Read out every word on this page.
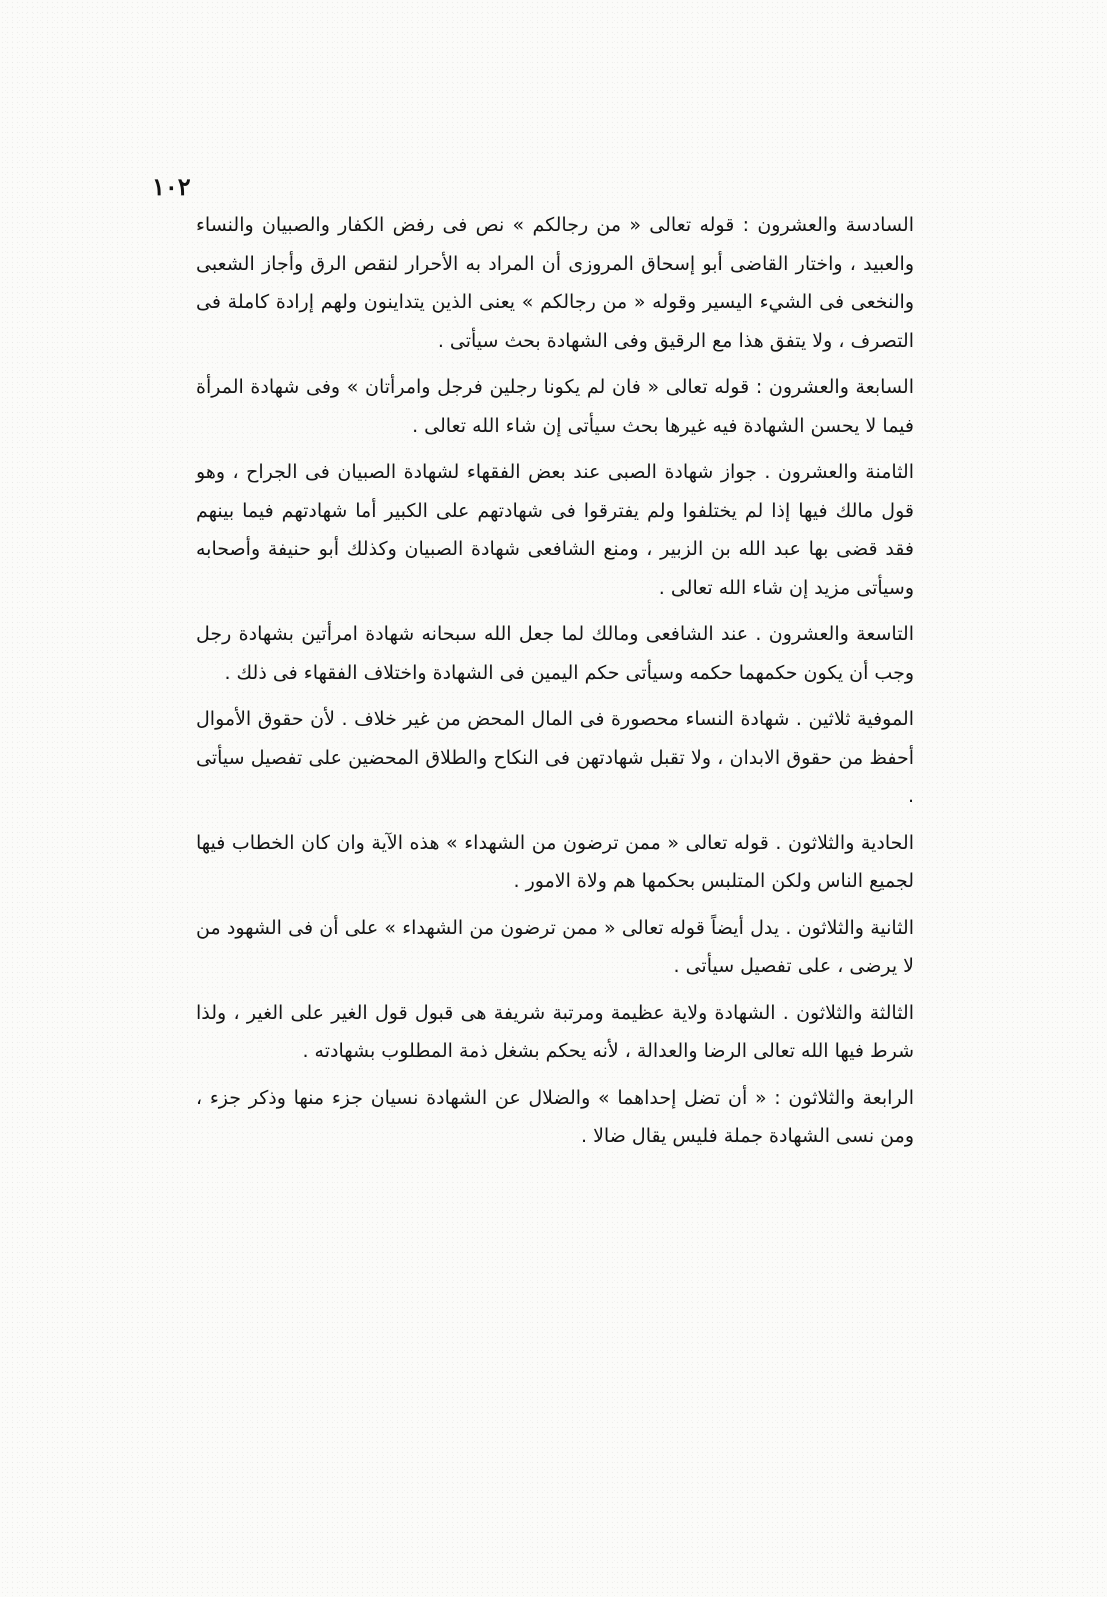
١٠٢

السادسة والعشرون : قوله تعالى « من رجالكم » نص فى رفض الكفار والصبيان والنساء والعبيد ، واختار القاضى أبو إسحاق المروزى أن المراد به الأحرار لنقص الرق وأجاز الشعبى والنخعى فى الشيء اليسير وقوله « من رجالكم » يعنى الذين يتداينون ولهم إرادة كاملة فى التصرف ، ولا يتفق هذا مع الرقيق وفى الشهادة بحث سيأتى .

السابعة والعشرون : قوله تعالى « فان لم يكونا رجلين فرجل وامرأتان » وفى شهادة المرأة فيما لا يحسن الشهادة فيه غيرها بحث سيأتى إن شاء الله تعالى .

الثامنة والعشرون . جواز شهادة الصبى عند بعض الفقهاء لشهادة الصبيان فى الجراح ، وهو قول مالك فيها إذا لم يختلفوا ولم يفترقوا فى شهادتهم على الكبير أما شهادتهم فيما بينهم فقد قضى بها عبد الله بن الزبير ، ومنع الشافعى شهادة الصبيان وكذلك أبو حنيفة وأصحابه وسيأتى مزيد إن شاء الله تعالى .

التاسعة والعشرون . عند الشافعى ومالك لما جعل الله سبحانه شهادة امرأتين بشهادة رجل وجب أن يكون حكمهما حكمه وسيأتى حكم اليمين فى الشهادة واختلاف الفقهاء فى ذلك .

الموفية ثلاثين . شهادة النساء محصورة فى المال المحض من غير خلاف . لأن حقوق الأموال أحفظ من حقوق الابدان ، ولا تقبل شهادتهن فى النكاح والطلاق المحضين على تفصيل سيأتى .

الحادية والثلاثون . قوله تعالى « ممن ترضون من الشهداء » هذه الآية وان كان الخطاب فيها لجميع الناس ولكن المتلبس بحكمها هم ولاة الامور .

الثانية والثلاثون . يدل أيضاً قوله تعالى « ممن ترضون من الشهداء » على أن فى الشهود من لا يرضى ، على تفصيل سيأتى .

الثالثة والثلاثون . الشهادة ولاية عظيمة ومرتبة شريفة هى قبول قول الغير على الغير ، ولذا شرط فيها الله تعالى الرضا والعدالة ، لأنه يحكم بشغل ذمة المطلوب بشهادته .

الرابعة والثلاثون : « أن تضل إحداهما » والضلال عن الشهادة نسيان جزء منها وذكر جزء ، ومن نسى الشهادة جملة فليس يقال ضالا .
